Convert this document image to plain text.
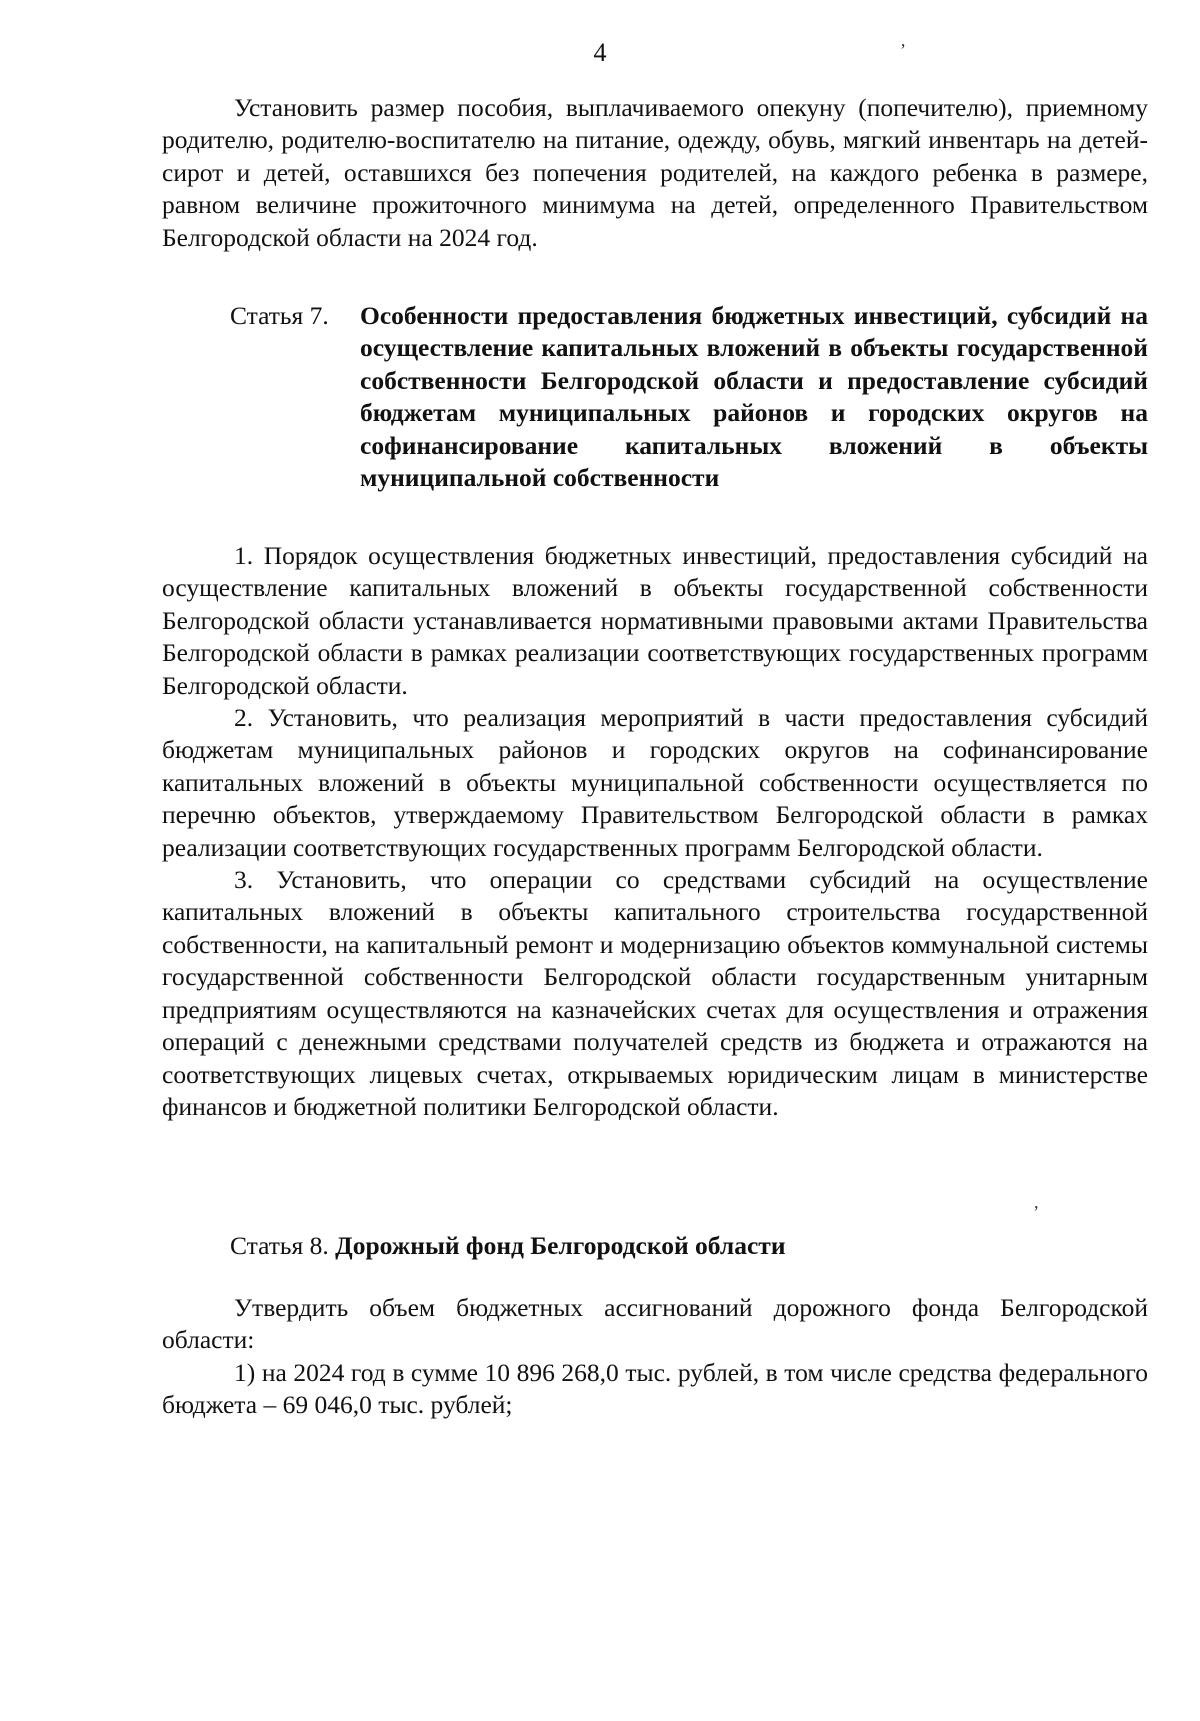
4

Установить размер пособия, выплачиваемого опекуну (попечителю), приемному родителю, родителю-воспитателю на питание, одежду, обувь, мягкий инвентарь на детей-сирот и детей, оставшихся без попечения родителей, на каждого ребенка в размере, равном величине прожиточного минимума на детей, определенного Правительством Белгородской области на 2024 год.

Статья 7. Особенности предоставления бюджетных инвестиций, субсидий на осуществление капитальных вложений в объекты государственной собственности Белгородской области и предоставление субсидий бюджетам муниципальных районов и городских округов на софинансирование капитальных вложений в объекты муниципальной собственности

1. Порядок осуществления бюджетных инвестиций, предоставления субсидий на осуществление капитальных вложений в объекты государственной собственности Белгородской области устанавливается нормативными правовыми актами Правительства Белгородской области в рамках реализации соответствующих государственных программ Белгородской области.

2. Установить, что реализация мероприятий в части предоставления субсидий бюджетам муниципальных районов и городских округов на софинансирование капитальных вложений в объекты муниципальной собственности осуществляется по перечню объектов, утверждаемому Правительством Белгородской области в рамках реализации соответствующих государственных программ Белгородской области.

3. Установить, что операции со средствами субсидий на осуществление капитальных вложений в объекты капитального строительства государственной собственности, на капитальный ремонт и модернизацию объектов коммунальной системы государственной собственности Белгородской области государственным унитарным предприятиям осуществляются на казначейских счетах для осуществления и отражения операций с денежными средствами получателей средств из бюджета и отражаются на соответствующих лицевых счетах, открываемых юридическим лицам в министерстве финансов и бюджетной политики Белгородской области.

Статья 8. Дорожный фонд Белгородской области

Утвердить объем бюджетных ассигнований дорожного фонда Белгородской области:

1) на 2024 год в сумме 10 896 268,0 тыс. рублей, в том числе средства федерального бюджета – 69 046,0 тыс. рублей;

ʼ
,
